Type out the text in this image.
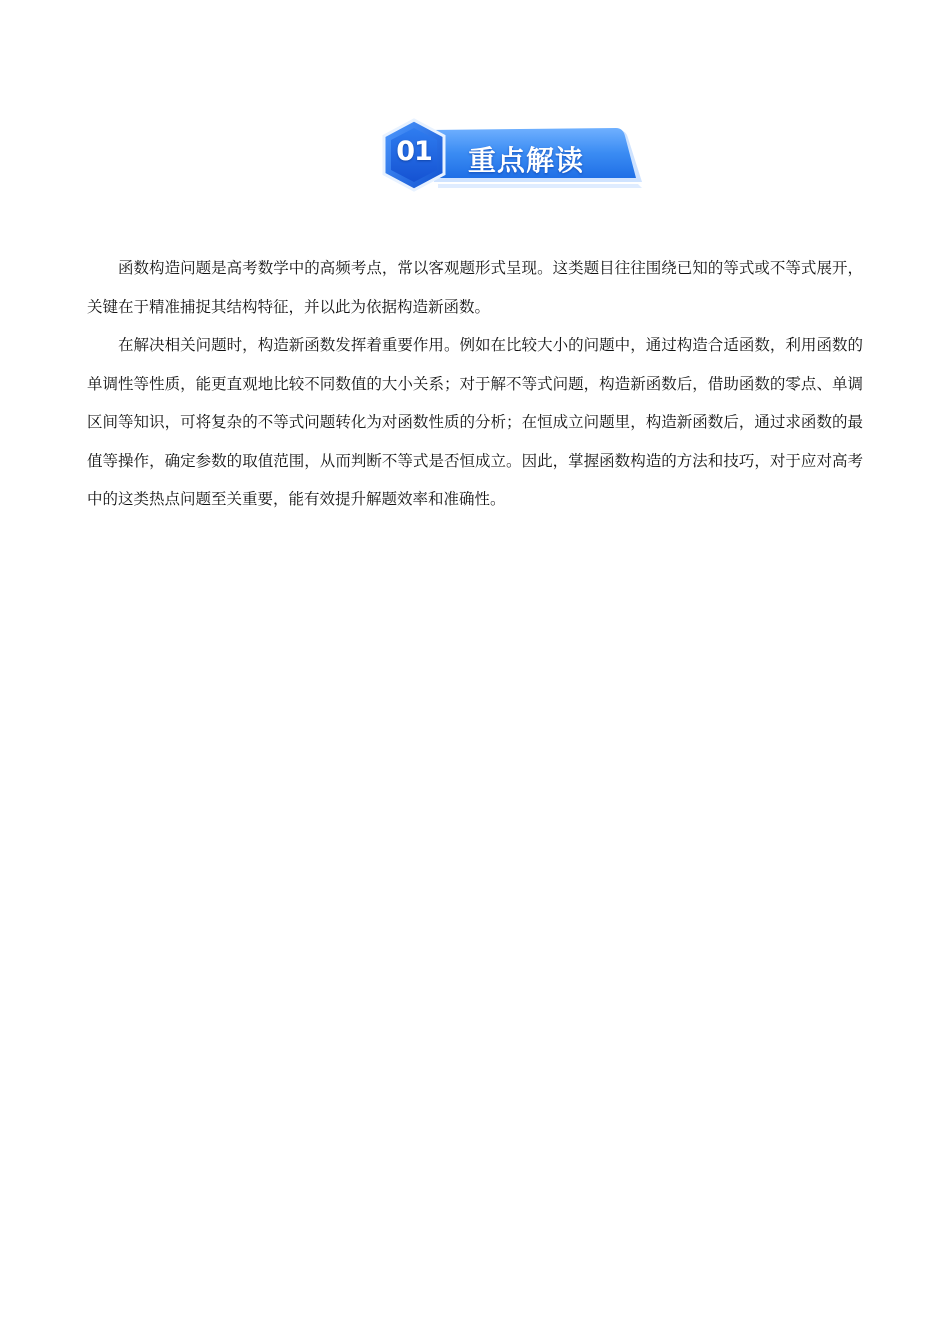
01	重点解读

函数构造问题是高考数学中的高频考点，常以客观题形式呈现。这类题目往往围绕已知的等式或不等式展开，关键在于精准捕捉其结构特征，并以此为依据构造新函数。

在解决相关问题时，构造新函数发挥着重要作用。例如在比较大小的问题中，通过构造合适函数，利用函数的单调性等性质，能更直观地比较不同数值的大小关系；对于解不等式问题，构造新函数后，借助函数的零点、单调区间等知识，可将复杂的不等式问题转化为对函数性质的分析；在恒成立问题里，构造新函数后，通过求函数的最值等操作，确定参数的取值范围，从而判断不等式是否恒成立。因此，掌握函数构造的方法和技巧，对于应对高考中的这类热点问题至关重要，能有效提升解题效率和准确性。
